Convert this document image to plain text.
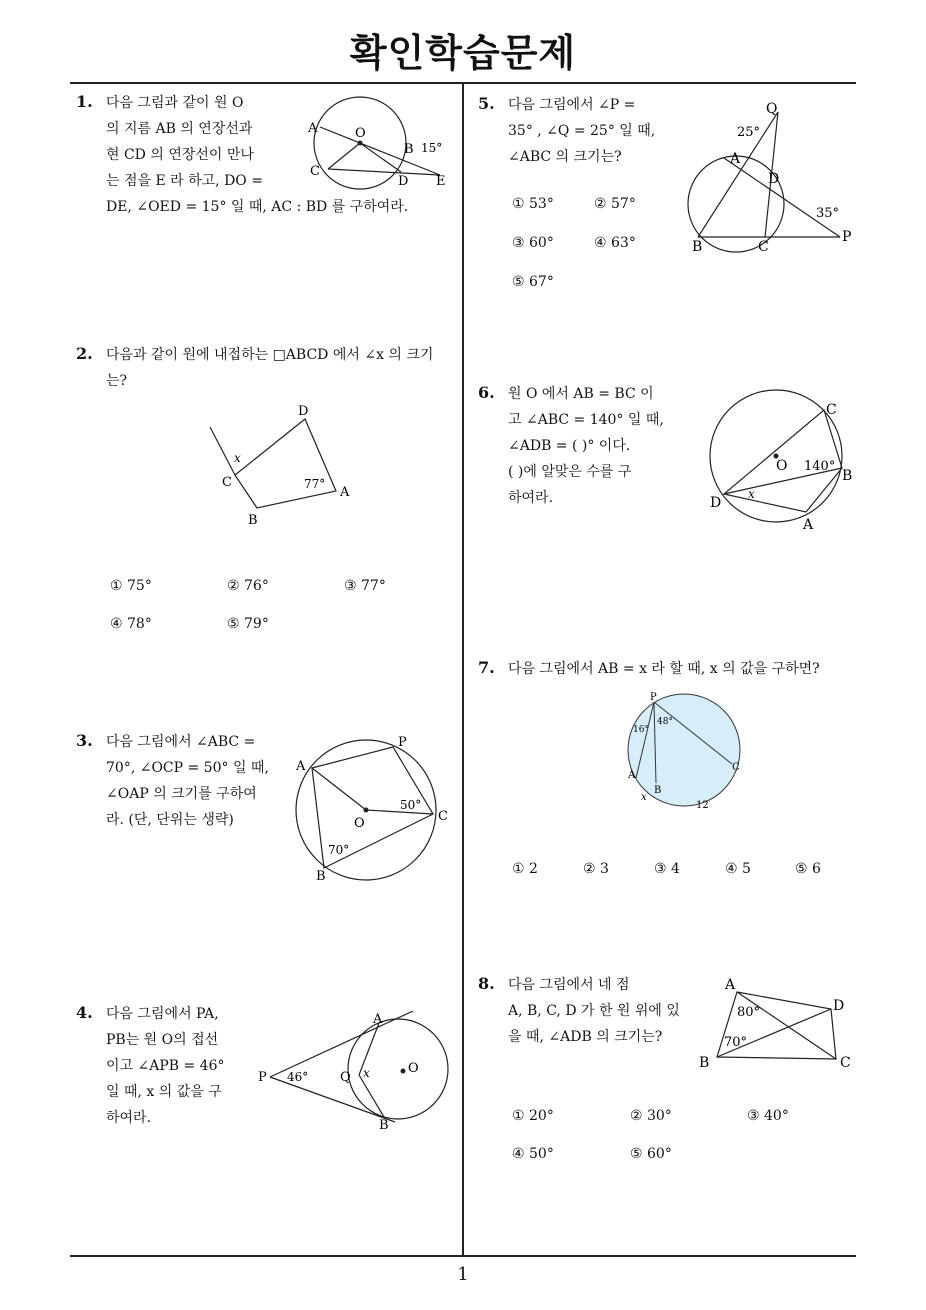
확인학습문제
1
1. 다음 그림과 같이 원 O
의 지름 AB 의 연장선과
현 CD 의 연장선이 만나
는 점을 E 라 하고, DO =
DE, ∠OED = 15° 일 때, AC : BD 를 구하여라.
A	O
B
C
D E
15°
2. 다음과 같이 원에 내접하는 □ABCD 에서 ∠x 의 크기
는?
D
C
A
B
77°
x
① 75°	② 76°	③ 77°
④ 78°	⑤ 79°
3. 다음 그림에서 ∠ABC =
70°, ∠OCP = 50° 일 때,
∠OAP 의 크기를 구하여
라. (단, 단위는 생략)
P
A
O	C
B
50°
70°
4. 다음 그림에서 PA,
PB는 원 O의 접선
이고 ∠APB = 46°
일 때, x 의 값을 구
하여라.
A
P	Q
O
B
46°	x
5. 다음 그림에서 ∠P =
35° , ∠Q = 25° 일 때,
∠ABC 의 크기는?
Q
A
D
B	C
P
25°
35°
① 53°	② 57°
③ 60°	④ 63°
⑤ 67°
6. 원 O 에서 AB = BC 이
고 ∠ABC = 140° 일 때,
∠ADB = ( )° 이다.
( )에 알맞은 수를 구
하여라.
C
O
B
D
A
140°
x
7. 다음 그림에서 AB = x 라 할 때, x 의 값을 구하면?
P
A
B
C
16°
48°
x
12
① 2	② 3	③ 4	④ 5	⑤ 6
8. 다음 그림에서 네 점
A, B, C, D 가 한 원 위에 있
을 때, ∠ADB 의 크기는?
A
D
B	C
80°
70°
① 20°	② 30°	③ 40°
④ 50°	⑤ 60°
